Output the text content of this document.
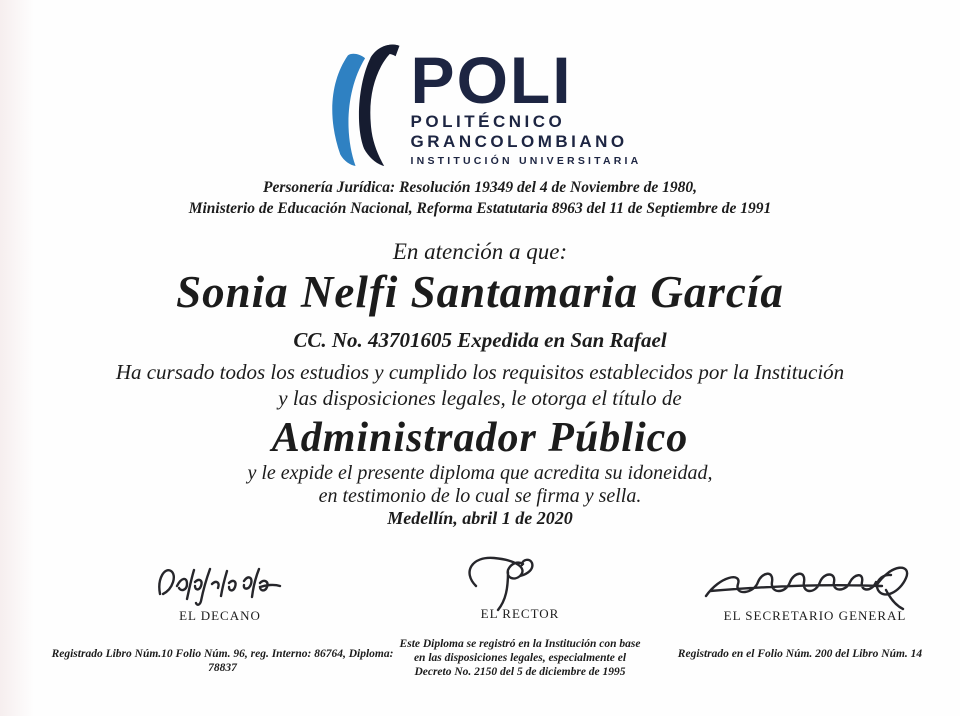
POLI
POLITÉCNICO
GRANCOLOMBIANO
INSTITUCIÓN UNIVERSITARIA
Personería Jurídica: Resolución 19349 del 4 de Noviembre de 1980,
Ministerio de Educación Nacional, Reforma Estatutaria 8963 del 11 de Septiembre de 1991
En atención a que:
Sonia Nelfi Santamaria García
CC. No. 43701605 Expedida en San Rafael
Ha cursado todos los estudios y cumplido los requisitos establecidos por la Institución
y las disposiciones legales, le otorga el título de
Administrador Público
y le expide el presente diploma que acredita su idoneidad,
en testimonio de lo cual se firma y sella.
Medellín, abril 1 de 2020
EL DECANO	EL RECTOR	EL SECRETARIO GENERAL
Registrado Libro Núm.10 Folio Núm. 96, reg. Interno: 86764, Diploma: 78837
Este Diploma se registró en la Institución con base
en las disposiciones legales, especialmente el
Decreto No. 2150 del 5 de diciembre de 1995
Registrado en el Folio Núm. 200 del Libro Núm. 14
